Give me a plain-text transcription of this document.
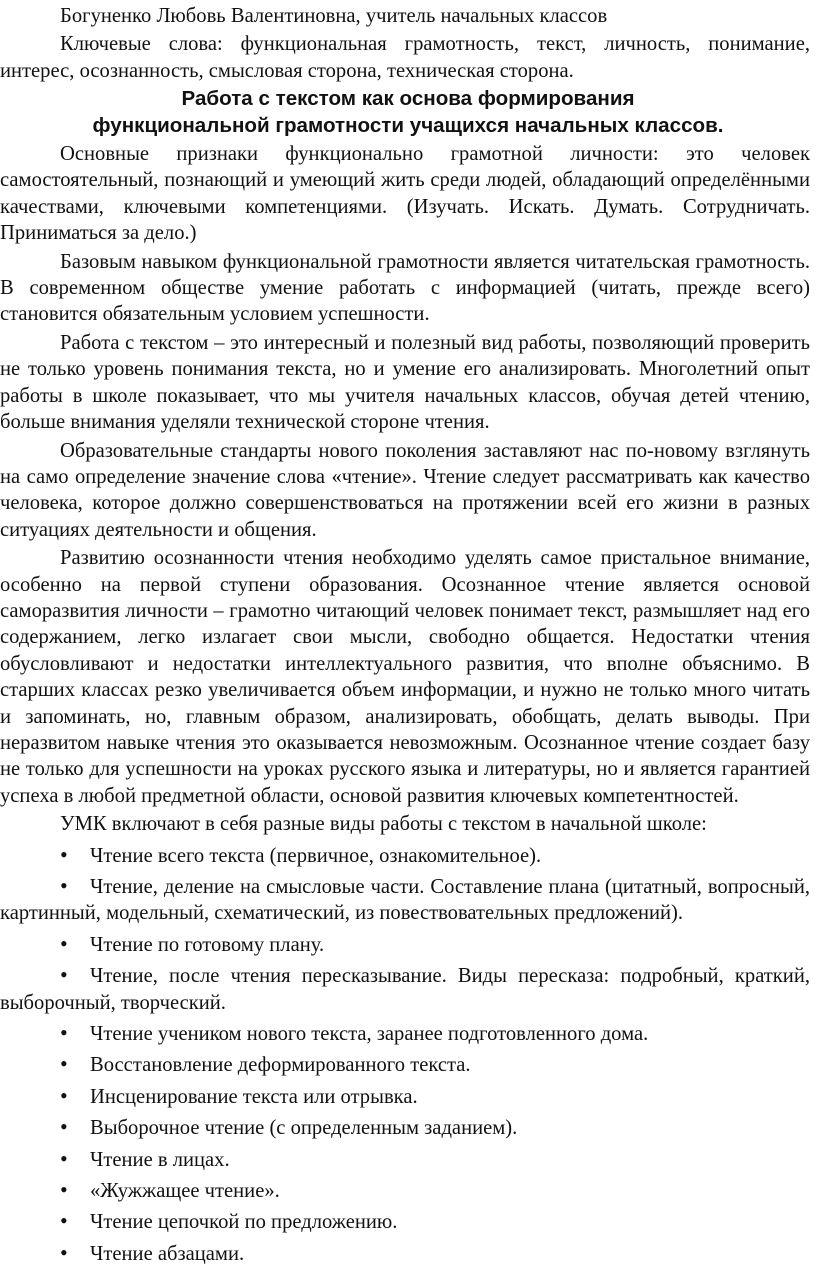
Богуненко Любовь Валентиновна, учитель начальных классов

Ключевые слова: функциональная грамотность, текст, личность, понимание, интерес, осознанность, смысловая сторона, техническая сторона.

Работа с текстом как основа формирования

функциональной грамотности учащихся начальных классов.

Основные признаки функционально грамотной личности: это человек самостоятельный, познающий и умеющий жить среди людей, обладающий определёнными качествами, ключевыми компетенциями. (Изучать. Искать. Думать. Сотрудничать. Приниматься за дело.)

Базовым навыком функциональной грамотности является читательская грамотность. В современном обществе умение работать с информацией (читать, прежде всего) становится обязательным условием успешности.

Работа с текстом – это интересный и полезный вид работы, позволяющий проверить не только уровень понимания текста, но и умение его анализировать. Многолетний опыт работы в школе показывает, что мы учителя начальных классов, обучая детей чтению, больше внимания уделяли технической стороне чтения.

Образовательные стандарты нового поколения заставляют нас по-новому взглянуть на само определение значение слова «чтение». Чтение следует рассматривать как качество человека, которое должно совершенствоваться на протяжении всей его жизни в разных ситуациях деятельности и общения.

Развитию осознанности чтения необходимо уделять самое пристальное внимание, особенно на первой ступени образования. Осознанное чтение является основой саморазвития личности – грамотно читающий человек понимает текст, размышляет над его содержанием, легко излагает свои мысли, свободно общается. Недостатки чтения обусловливают и недостатки интеллектуального развития, что вполне объяснимо. В старших классах резко увеличивается объем информации, и нужно не только много читать и запоминать, но, главным образом, анализировать, обобщать, делать выводы. При неразвитом навыке чтения это оказывается невозможным. Осознанное чтение создает базу не только для успешности на уроках русского языка и литературы, но и является гарантией успеха в любой предметной области, основой развития ключевых компетентностей.

УМК включают в себя разные виды работы с текстом в начальной школе:

•Чтение всего текста (первичное, ознакомительное).

•Чтение, деление на смысловые части. Составление плана (цитатный, вопросный, картинный, модельный, схематический, из повествовательных предложений).

•Чтение по готовому плану.

•Чтение, после чтения пересказывание. Виды пересказа: подробный, краткий, выборочный, творческий.

•Чтение учеником нового текста, заранее подготовленного дома.

•Восстановление деформированного текста.

•Инсценирование текста или отрывка.

•Выборочное чтение (с определенным заданием).

•Чтение в лицах.

•«Жужжащее чтение».

•Чтение цепочкой по предложению.

•Чтение абзацами.
